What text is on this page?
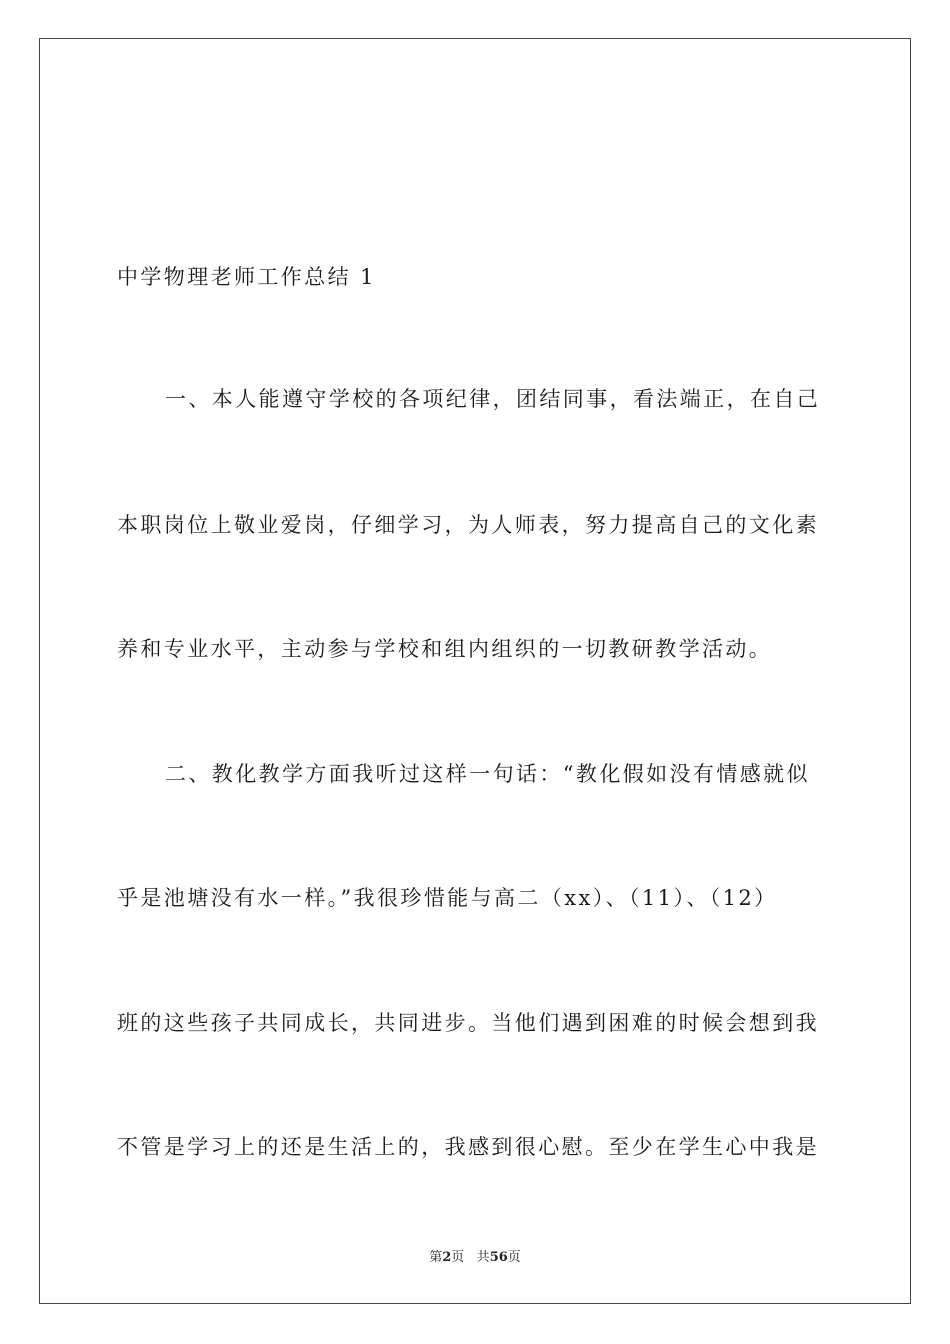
中学物理老师工作总结 1
一、本人能遵守学校的各项纪律，团结同事，看法端正，在自己
本职岗位上敬业爱岗，仔细学习，为人师表，努力提高自己的文化素
养和专业水平，主动参与学校和组内组织的一切教研教学活动。
二、教化教学方面我听过这样一句话：“教化假如没有情感就似
乎是池塘没有水一样。”我很珍惜能与高二（xx）、（11）、（12）
班的这些孩子共同成长，共同进步。当他们遇到困难的时候会想到我
不管是学习上的还是生活上的，我感到很心慰。至少在学生心中我是
第2页 共56页
